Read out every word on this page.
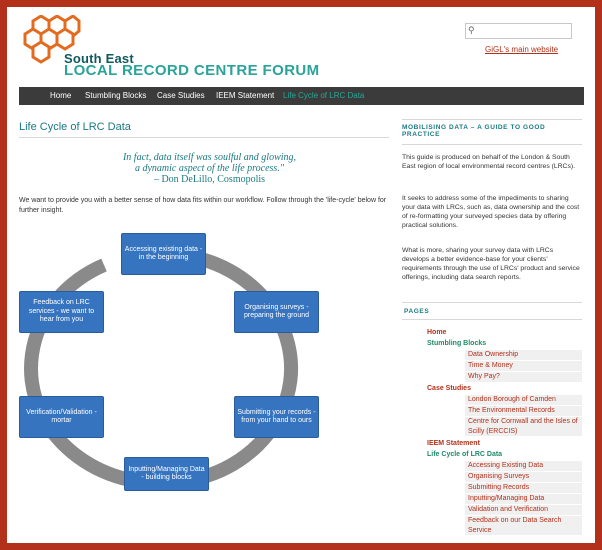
South East
LOCAL RECORD CENTRE FORUM
⚲
GiGL's main website
Home Stumbling Blocks Case Studies IEEM Statement Life Cycle of LRC Data
Life Cycle of LRC Data
In fact, data itself was soulful and glowing,
a dynamic aspect of the life process."
– Don DeLillo, Cosmopolis
We want to provide you with a better sense of how data fits within our workflow. Follow through the 'life-cycle' below for further insight.
Accessing existing data - in the beginning
Organising surveys - preparing the ground
Submitting your records - from your hand to ours
Inputting/Managing Data - building blocks
Verification/Validation - mortar
Feedback on LRC services - we want to hear from you
MOBILISING DATA – A GUIDE TO GOOD PRACTICE
This guide is produced on behalf of the London & South East region of local environmental record centres (LRCs).
It seeks to address some of the impediments to sharing your data with LRCs, such as, data ownership and the cost of re-formatting your surveyed species data by offering practical solutions.
What is more, sharing your survey data with LRCs develops a better evidence-base for your clients' requirements through the use of LRCs' product and service offerings, including data search reports.
PAGES
Home
Stumbling Blocks
Data Ownership
Time & Money
Why Pay?
Case Studies
London Borough of Camden
The Environmental Records
Centre for Cornwall and the Isles of Scilly (ERCCIS)
IEEM Statement
Life Cycle of LRC Data
Accessing Existing Data
Organising Surveys
Submitting Records
Inputting/Managing Data
Validation and Verification
Feedback on our Data Search Service
